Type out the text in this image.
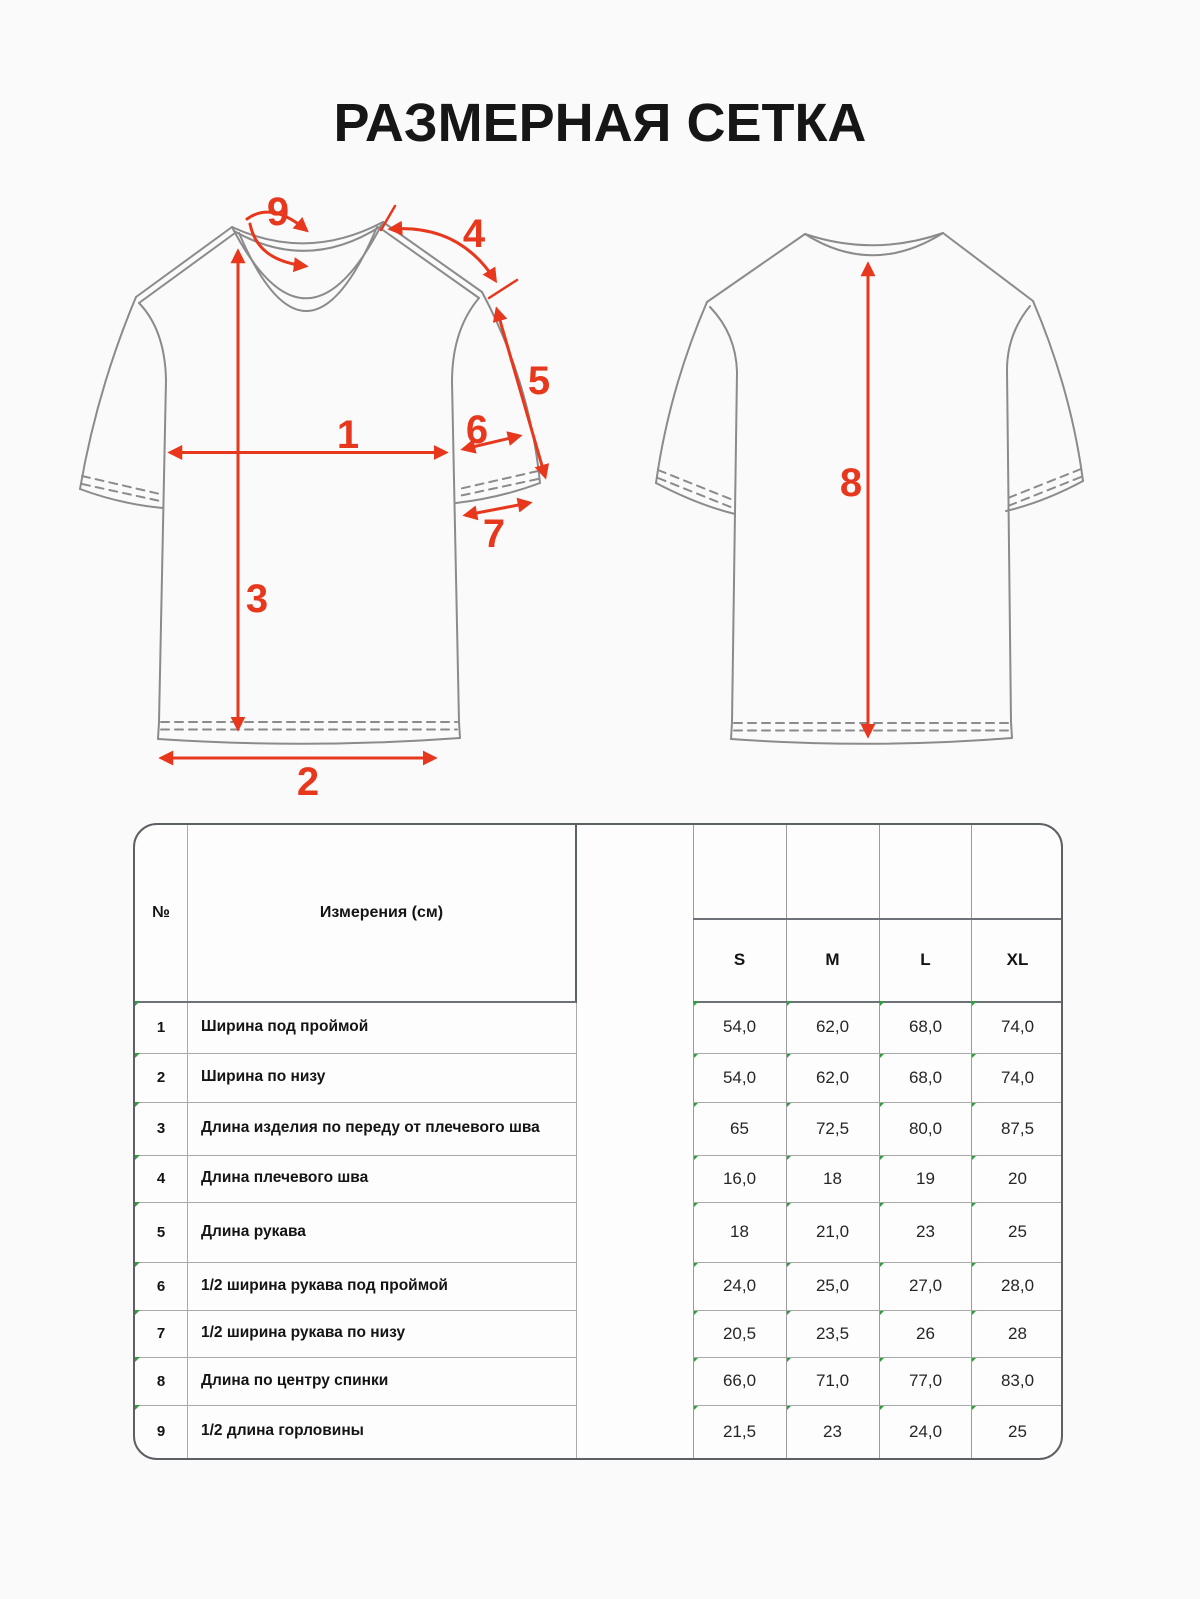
РАЗМЕРНАЯ СЕТКА
1
2
3
4
5
6
7
8
9
№	Измерения (см)
S	M	L	XL
1	Ширина под проймой	54,0	62,0	68,0	74,0
2	Ширина по низу	54,0	62,0	68,0	74,0
3	Длина изделия по переду от плечевого шва	65	72,5	80,0	87,5
4	Длина плечевого шва	16,0	18	19	20
5	Длина рукава	18	21,0	23	25
6	1/2 ширина рукава под проймой	24,0	25,0	27,0	28,0
7	1/2 ширина рукава по низу	20,5	23,5	26	28
8	Длина по центру спинки	66,0	71,0	77,0	83,0
9	1/2 длина горловины	21,5	23	24,0	25
